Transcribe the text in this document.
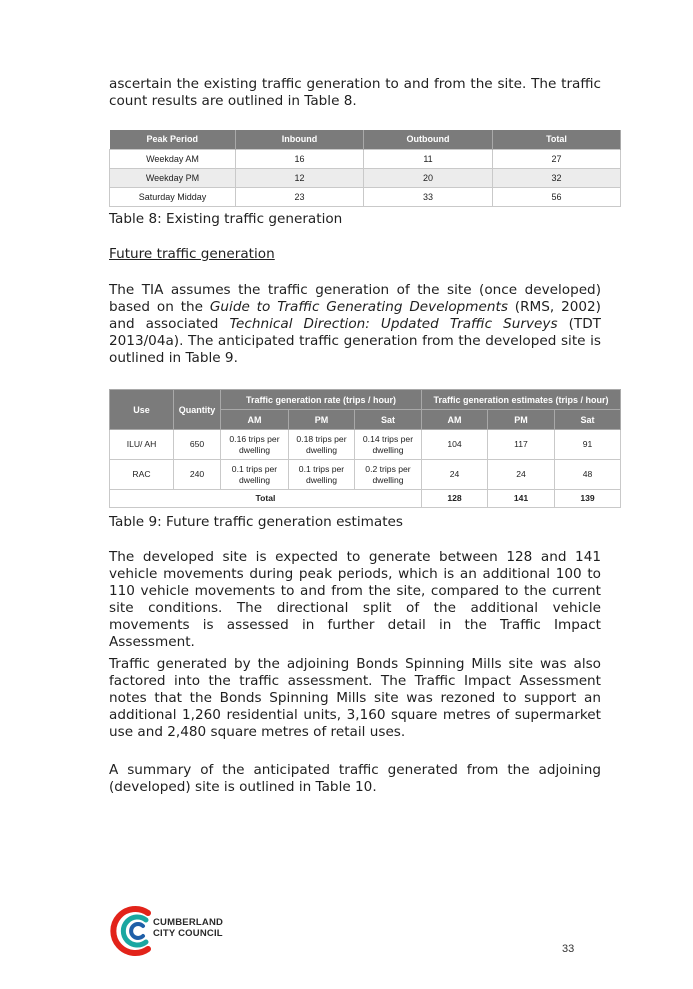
ascertain the existing traffic generation to and from the site. The traffic count results are outlined in Table 8.

Peak Period	Inbound	Outbound	Total
Weekday AM	16	11	27
Weekday PM	12	20	32
Saturday Midday	23	33	56
Table 8: Existing traffic generation
Future traffic generation

The TIA assumes the traffic generation of the site (once developed) based on the Guide to Traffic Generating Developments (RMS, 2002) and associated Technical Direction: Updated Traffic Surveys (TDT 2013/04a). The anticipated traffic generation from the developed site is outlined in Table 9.

Use	Quantity	Traffic generation rate (trips / hour)			Traffic generation estimates (trips / hour)		
		AM	PM	Sat	AM	PM	Sat
ILU/ AH	650	0.16 trips per dwelling	0.18 trips per dwelling	0.14 trips per dwelling	104	117	91
RAC	240	0.1 trips per dwelling	0.1 trips per dwelling	0.2 trips per dwelling	24	24	48
Total					128	141	139
Table 9: Future traffic generation estimates

The developed site is expected to generate between 128 and 141 vehicle movements during peak periods, which is an additional 100 to 110 vehicle movements to and from the site, compared to the current site conditions. The directional split of the additional vehicle movements is assessed in further detail in the Traffic Impact Assessment.

Traffic generated by the adjoining Bonds Spinning Mills site was also factored into the traffic assessment. The Traffic Impact Assessment notes that the Bonds Spinning Mills site was rezoned to support an additional 1,260 residential units, 3,160 square metres of supermarket use and 2,480 square metres of retail uses.

A summary of the anticipated traffic generated from the adjoining (developed) site is outlined in Table 10.

CUMBERLAND
CITY COUNCIL
33
